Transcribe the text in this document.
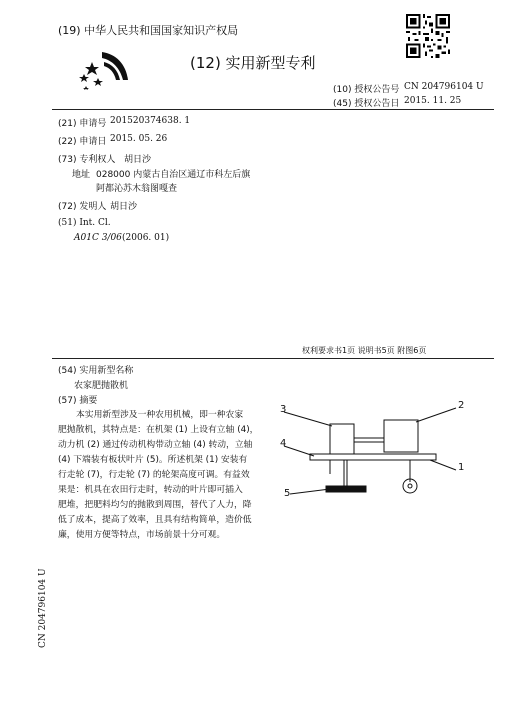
(19) 中华人民共和国国家知识产权局
(12) 实用新型专利
(10) 授权公告号 CN 204796104 U
(45) 授权公告日 2015. 11. 25
(21) 申请号 201520374638. 1
(22) 申请日 2015. 05. 26
(73) 专利权人 胡日沙
地址 028000 内蒙古自治区通辽市科左后旗
阿都沁苏木翁图嘎查
(72) 发明人 胡日沙
(51) Int. Cl.
A01C 3/06 (2006. 01)
权利要求书1页 说明书5页 附图6页
(54) 实用新型名称
农家肥抛散机
(57) 摘要

本实用新型涉及一种农用机械，即一种农家

肥抛散机，其特点是：在机架 (1) 上设有立轴 (4)，

动力机 (2) 通过传动机构带动立轴 (4) 转动，立轴

(4) 下端装有板状叶片 (5)。所述机架 (1) 安装有

行走轮 (7)，行走轮 (7) 的轮架高度可调。有益效

果是：机具在农田行走时，转动的叶片即可插入

肥堆，把肥料均匀的抛散到周围，替代了人力，降

低了成本，提高了效率，且具有结构简单，造价低

廉，使用方便等特点，市场前景十分可观。

3	2
4
1
5
CN 204796104 U
